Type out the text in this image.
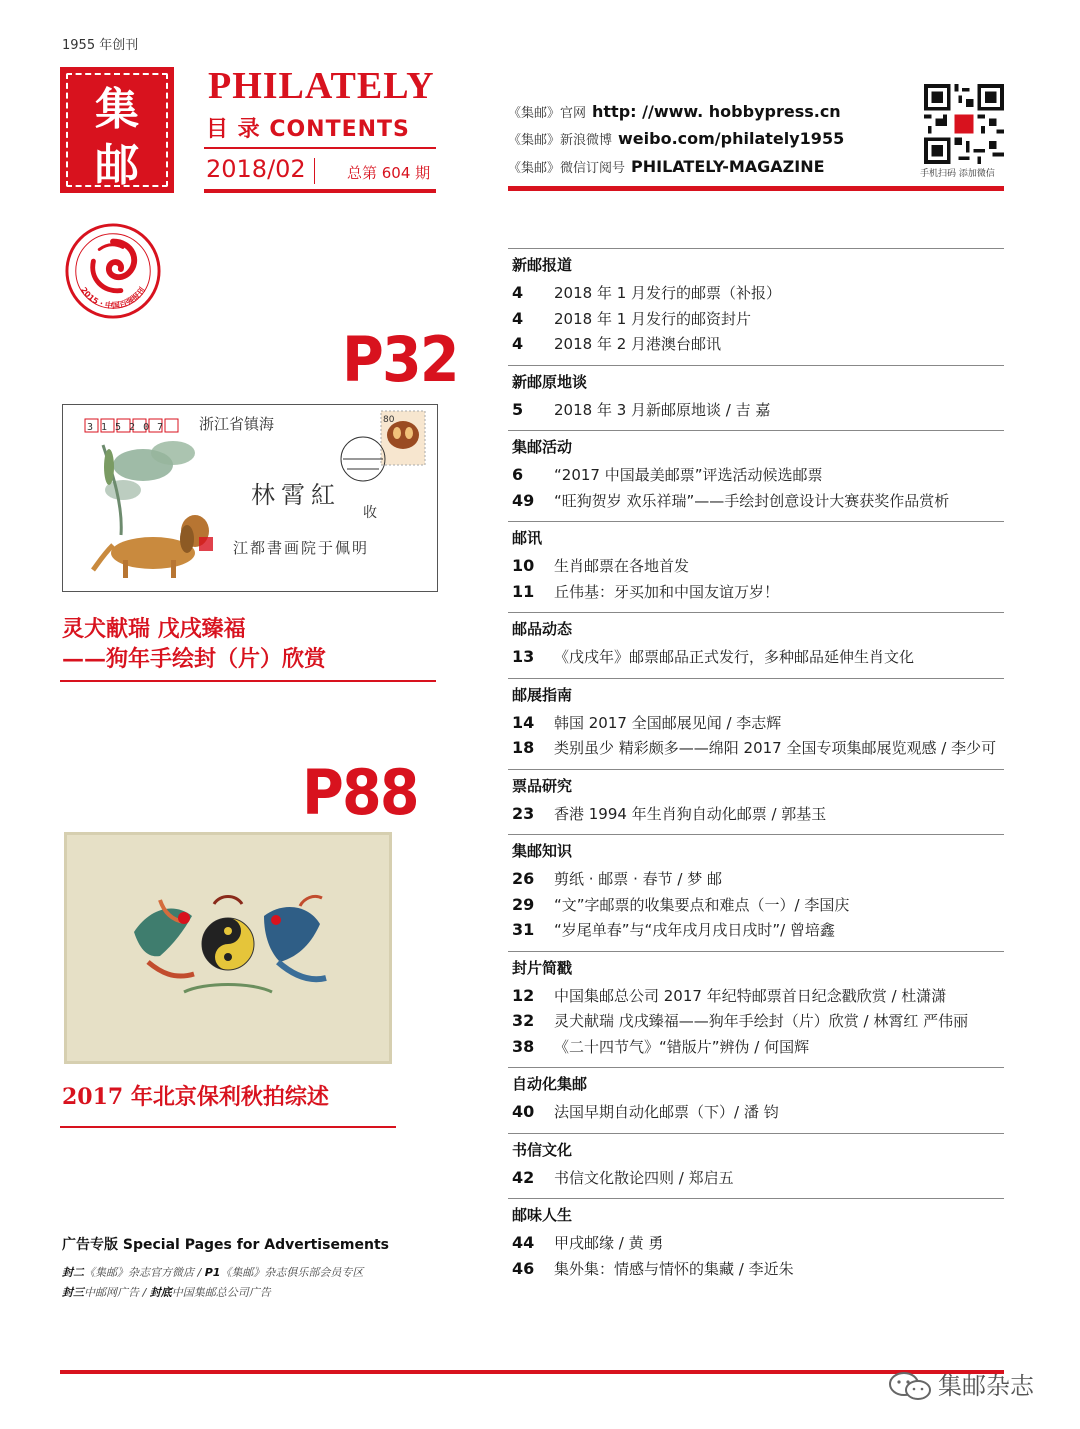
1955 年创刊
集
邮
PHILATELY
目 录 CONTENTS
2018/02	总第 604 期
2015 · 中国百强报刊
《集邮》官网 http: //www. hobbypress.cn
《集邮》新浪微博 weibo.com/philately1955
《集邮》微信订阅号 PHILATELY-MAGAZINE	手机扫码 添加微信
P32
315207 浙江省镇海
林霄紅
收
江都書画院于佩明
80
灵犬献瑞 戊戌臻福
——狗年手绘封（片）欣赏
P88
2017 年北京保利秋拍综述
广告专版 Special Pages for Advertisements
封二《集邮》杂志官方微店 / P1《集邮》杂志俱乐部会员专区
封三中邮网广告 / 封底中国集邮总公司广告
新邮报道
4	2018 年 1 月发行的邮票（补报）
4	2018 年 1 月发行的邮资封片
4	2018 年 2 月港澳台邮讯
新邮原地谈
5	2018 年 3 月新邮原地谈 / 吉 嘉
集邮活动
6	“2017 中国最美邮票”评选活动候选邮票
49	“旺狗贺岁 欢乐祥瑞”——手绘封创意设计大赛获奖作品赏析
邮讯
10	生肖邮票在各地首发
11	丘伟基：牙买加和中国友谊万岁！
邮品动态
13	《戊戌年》邮票邮品正式发行，多种邮品延伸生肖文化
邮展指南
14	韩国 2017 全国邮展见闻 / 李志辉
18	类别虽少 精彩颇多——绵阳 2017 全国专项集邮展览观感 / 李少可
票品研究
23	香港 1994 年生肖狗自动化邮票 / 郭基玉
集邮知识
26	剪纸 · 邮票 · 春节 / 梦 邮
29	“文”字邮票的收集要点和难点（一）/ 李国庆
31	“岁尾单春”与“戌年戌月戌日戌时”/ 曾培鑫
封片简戳
12	中国集邮总公司 2017 年纪特邮票首日纪念戳欣赏 / 杜潇潇
32	灵犬献瑞 戊戌臻福——狗年手绘封（片）欣赏 / 林霄红 严伟丽
38	《二十四节气》“错版片”辨伪 / 何国辉
自动化集邮
40	法国早期自动化邮票（下）/ 潘 钧
书信文化
42	书信文化散论四则 / 郑启五
邮味人生
44	甲戌邮缘 / 黄 勇
46	集外集：情感与情怀的集藏 / 李近朱
集邮杂志
